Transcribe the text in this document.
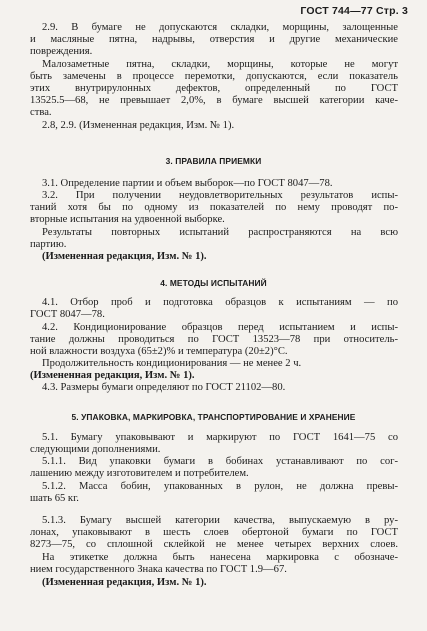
ГОСТ 744—77 Стр. 3
2.9. В бумаге не допускаются складки, морщины, залощенные
и масляные пятна, надрывы, отверстия и другие механические
повреждения.
Малозаметные пятна, складки, морщины, которые не могут
быть замечены в процессе перемотки, допускаются, если показатель
этих внутрирулонных дефектов, определенный по ГОСТ
13525.5—68, не превышает 2,0%, в бумаге высшей категории каче-
ства.
2.8, 2.9. (Измененная редакция, Изм. № 1).
3. ПРАВИЛА ПРИЕМКИ
3.1. Определение партии и объем выборок—по ГОСТ 8047—78.
3.2. При получении неудовлетворительных результатов испы-
таний хотя бы по одному из показателей по нему проводят по-
вторные испытания на удвоенной выборке.
Результаты повторных испытаний распространяются на всю
партию.
(Измененная редакция, Изм. № 1).
4. МЕТОДЫ ИСПЫТАНИЙ
4.1. Отбор проб и подготовка образцов к испытаниям — по
ГОСТ 8047—78.
4.2. Кондиционирование образцов перед испытанием и испы-
тание должны проводиться по ГОСТ 13523—78 при относитель-
ной влажности воздуха (65±2)% и температура (20±2)°С.
Продолжительность кондиционирования — не менее 2 ч.
(Измененная редакция, Изм. № 1).
4.3. Размеры бумаги определяют по ГОСТ 21102—80.
5. УПАКОВКА, МАРКИРОВКА, ТРАНСПОРТИРОВАНИЕ И ХРАНЕНИЕ
5.1. Бумагу упаковывают и маркируют по ГОСТ 1641—75 со
следующими дополнениями.
5.1.1. Вид упаковки бумаги в бобинах устанавливают по сог-
лашению между изготовителем и потребителем.
5.1.2. Масса бобин, упакованных в рулон, не должна превы-
шать 65 кг.
5.1.3. Бумагу высшей категории качества, выпускаемую в ру-
лонах, упаковывают в шесть слоев обертоной бумаги по ГОСТ
8273—75, со сплошной склейкой не менее четырех верхних слоев.
На этикетке должна быть нанесена маркировка с обозначе-
нием государственного Знака качества по ГОСТ 1.9—67.
(Измененная редакция, Изм. № 1).
